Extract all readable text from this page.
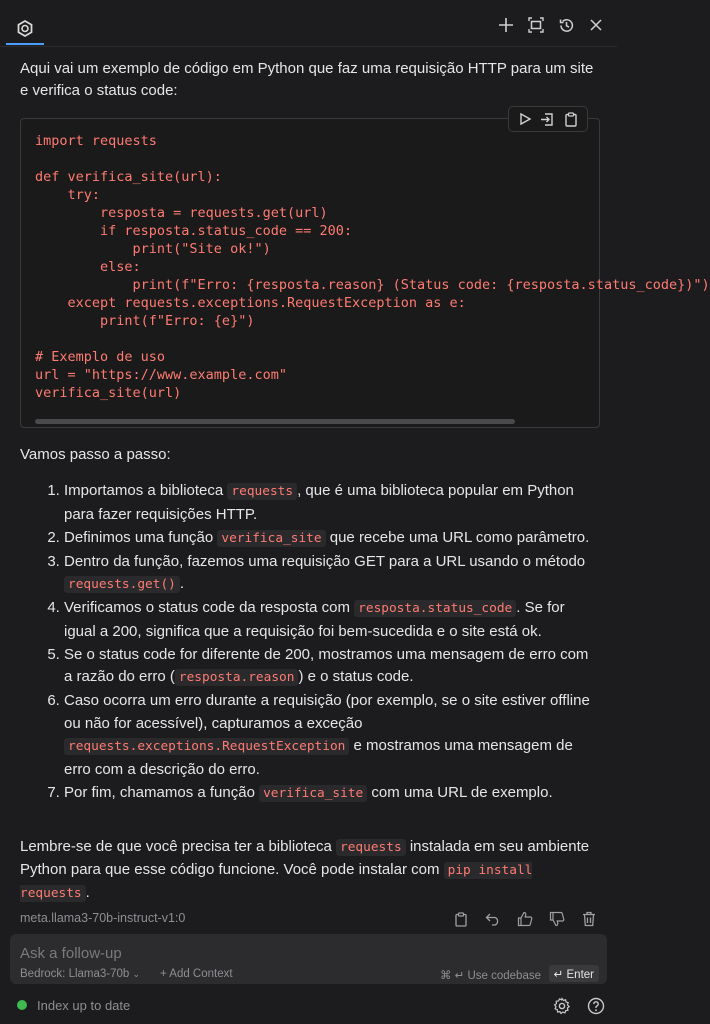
Aqui vai um exemplo de código em Python que faz uma requisição HTTP para um site e verifica o status code:
import requests

def verifica_site(url):
try:
resposta = requests.get(url)
if resposta.status_code == 200:
print("Site ok!")
else:
print(f"Erro: {resposta.reason} (Status code: {resposta.status_code})")
except requests.exceptions.RequestException as e:
print(f"Erro: {e}")

# Exemplo de uso
url = "https://www.example.com"
verifica_site(url)
Vamos passo a passo:
1. Importamos a biblioteca requests , que é uma biblioteca popular em Python para fazer requisições HTTP.
2. Definimos uma função verifica_site que recebe uma URL como parâmetro.
3. Dentro da função, fazemos uma requisição GET para a URL usando o método requests.get() .
4. Verificamos o status code da resposta com resposta.status_code . Se for igual a 200, significa que a requisição foi bem-sucedida e o site está ok.
5. Se o status code for diferente de 200, mostramos uma mensagem de erro com a razão do erro ( resposta.reason ) e o status code.
6. Caso ocorra um erro durante a requisição (por exemplo, se o site estiver offline ou não for acessível), capturamos a exceção requests.exceptions.RequestException e mostramos uma mensagem de erro com a descrição do erro.
7. Por fim, chamamos a função verifica_site com uma URL de exemplo.
Lembre-se de que você precisa ter a biblioteca requests instalada em seu ambiente Python para que esse código funcione. Você pode instalar com pip install requests .
meta.llama3-70b-instruct-v1:0
Ask a follow-up
Bedrock: Llama3-70b ⌄ + Add Context	⌘ ↵ Use codebase	↵ Enter
Index up to date
